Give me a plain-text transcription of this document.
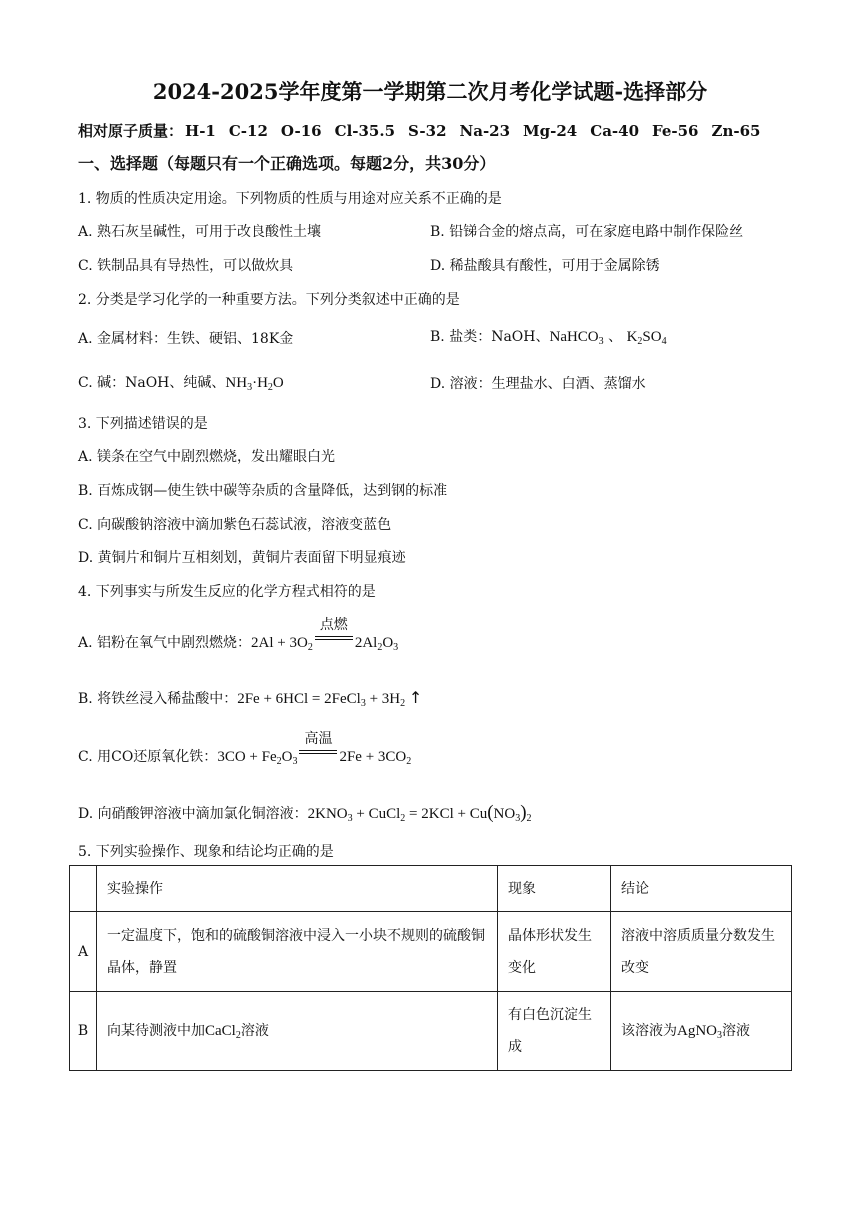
2024-2025学年度第一学期第二次月考化学试题-选择部分
相对原子质量： H-1 C-12 O-16 Cl-35.5 S-32 Na-23 Mg-24 Ca-40 Fe-56 Zn-65
一、选择题（每题只有一个正确选项。每题2分，共30分）
1. 物质的性质决定用途。下列物质的性质与用途对应关系不正确的是
A. 熟石灰呈碱性，可用于改良酸性土壤	B. 铅锑合金的熔点高，可在家庭电路中制作保险丝
C. 铁制品具有导热性，可以做炊具	D. 稀盐酸具有酸性，可用于金属除锈
2. 分类是学习化学的一种重要方法。下列分类叙述中正确的是
A. 金属材料：生铁、硬铝、18K金	B. 盐类：NaOH、NaHCO$_3$ 、 $K_2SO_4$
C. 碱：NaOH、纯碱、$NH_3\cdot H_2O$	D. 溶液：生理盐水、白酒、蒸馏水
3. 下列描述错误的是
A. 镁条在空气中剧烈燃烧，发出耀眼白光
B. 百炼成钢—使生铁中碳等杂质的含量降低，达到钢的标准
C. 向碳酸钠溶液中滴加紫色石蕊试液，溶液变蓝色
D. 黄铜片和铜片互相刻划，黄铜片表面留下明显痕迹
4. 下列事实与所发生反应的化学方程式相符的是
A. 铝粉在氧气中剧烈燃烧：$2Al + 3O_2$
点燃
$2Al_2O_3$
B. 将铁丝浸入稀盐酸中：2Fe + 6HCl = 2FeCl$_3$ + $3H_2$ ↑
C. 用CO还原氧化铁：$3CO + Fe_2O_3$
高温
$2Fe + 3CO_2$
D. 向硝酸钾溶液中滴加氯化铜溶液：$2KNO_3$ + CuCl$_2$ = $2KCl + Cu(NO_3)_2$
5. 下列实验操作、现象和结论均正确的是
	实验操作	现象	结论
A	一定温度下，饱和的硫酸铜溶液中浸入一小块不规则的硫酸铜晶体，静置	晶体形状发生变化	溶液中溶质质量分数发生改变
B	向某待测液中加CaCl$_2$溶液	有白色沉淀生成	该溶液为AgNO$_3$溶液
